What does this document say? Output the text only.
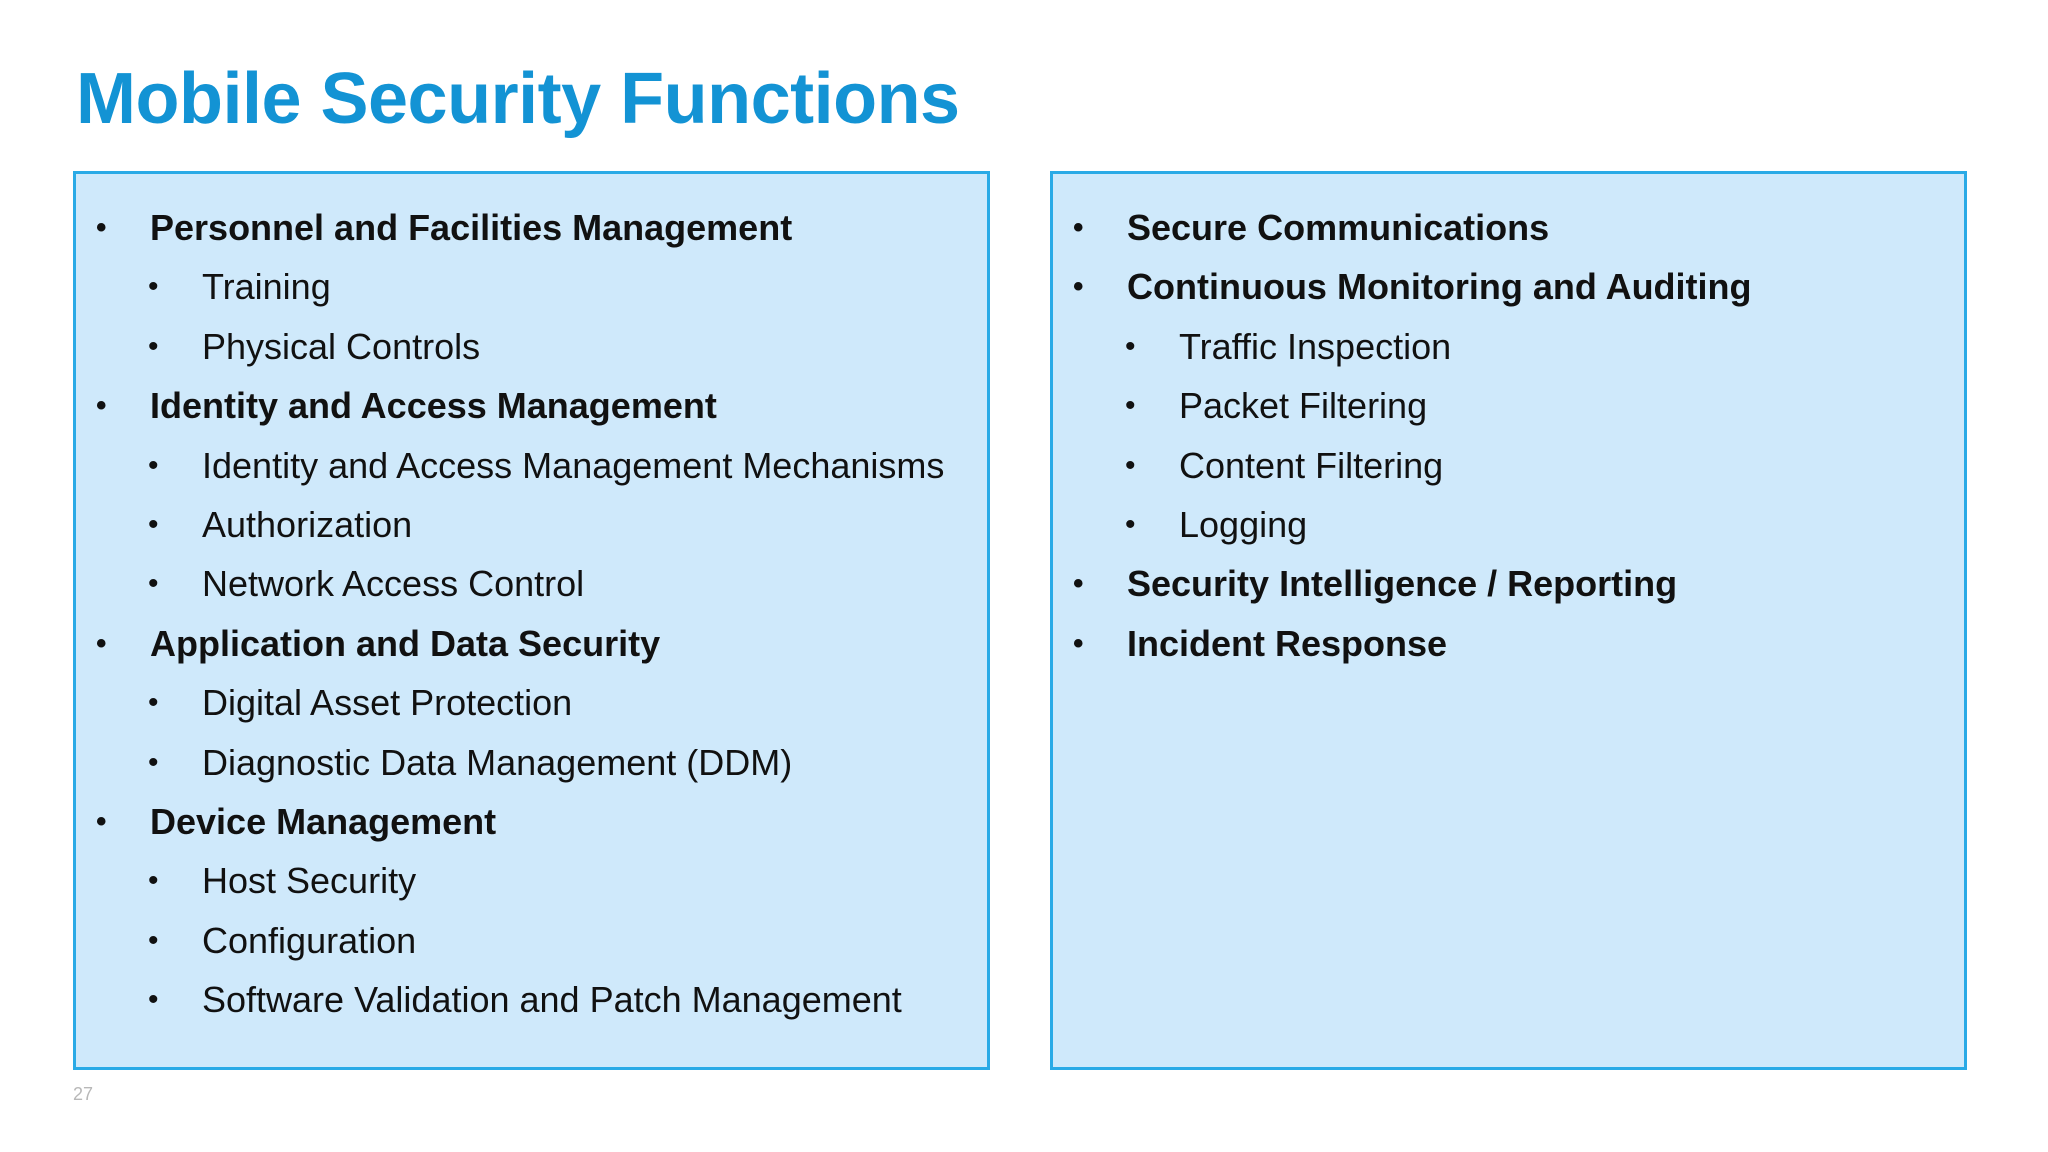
Mobile Security Functions
• Personnel and Facilities Management
• Training
• Physical Controls
• Identity and Access Management
• Identity and Access Management Mechanisms
• Authorization
• Network Access Control
• Application and Data Security
• Digital Asset Protection
• Diagnostic Data Management (DDM)
• Device Management
• Host Security
• Configuration
• Software Validation and Patch Management
• Secure Communications
• Continuous Monitoring and Auditing
• Traffic Inspection
• Packet Filtering
• Content Filtering
• Logging
• Security Intelligence / Reporting
• Incident Response
27
